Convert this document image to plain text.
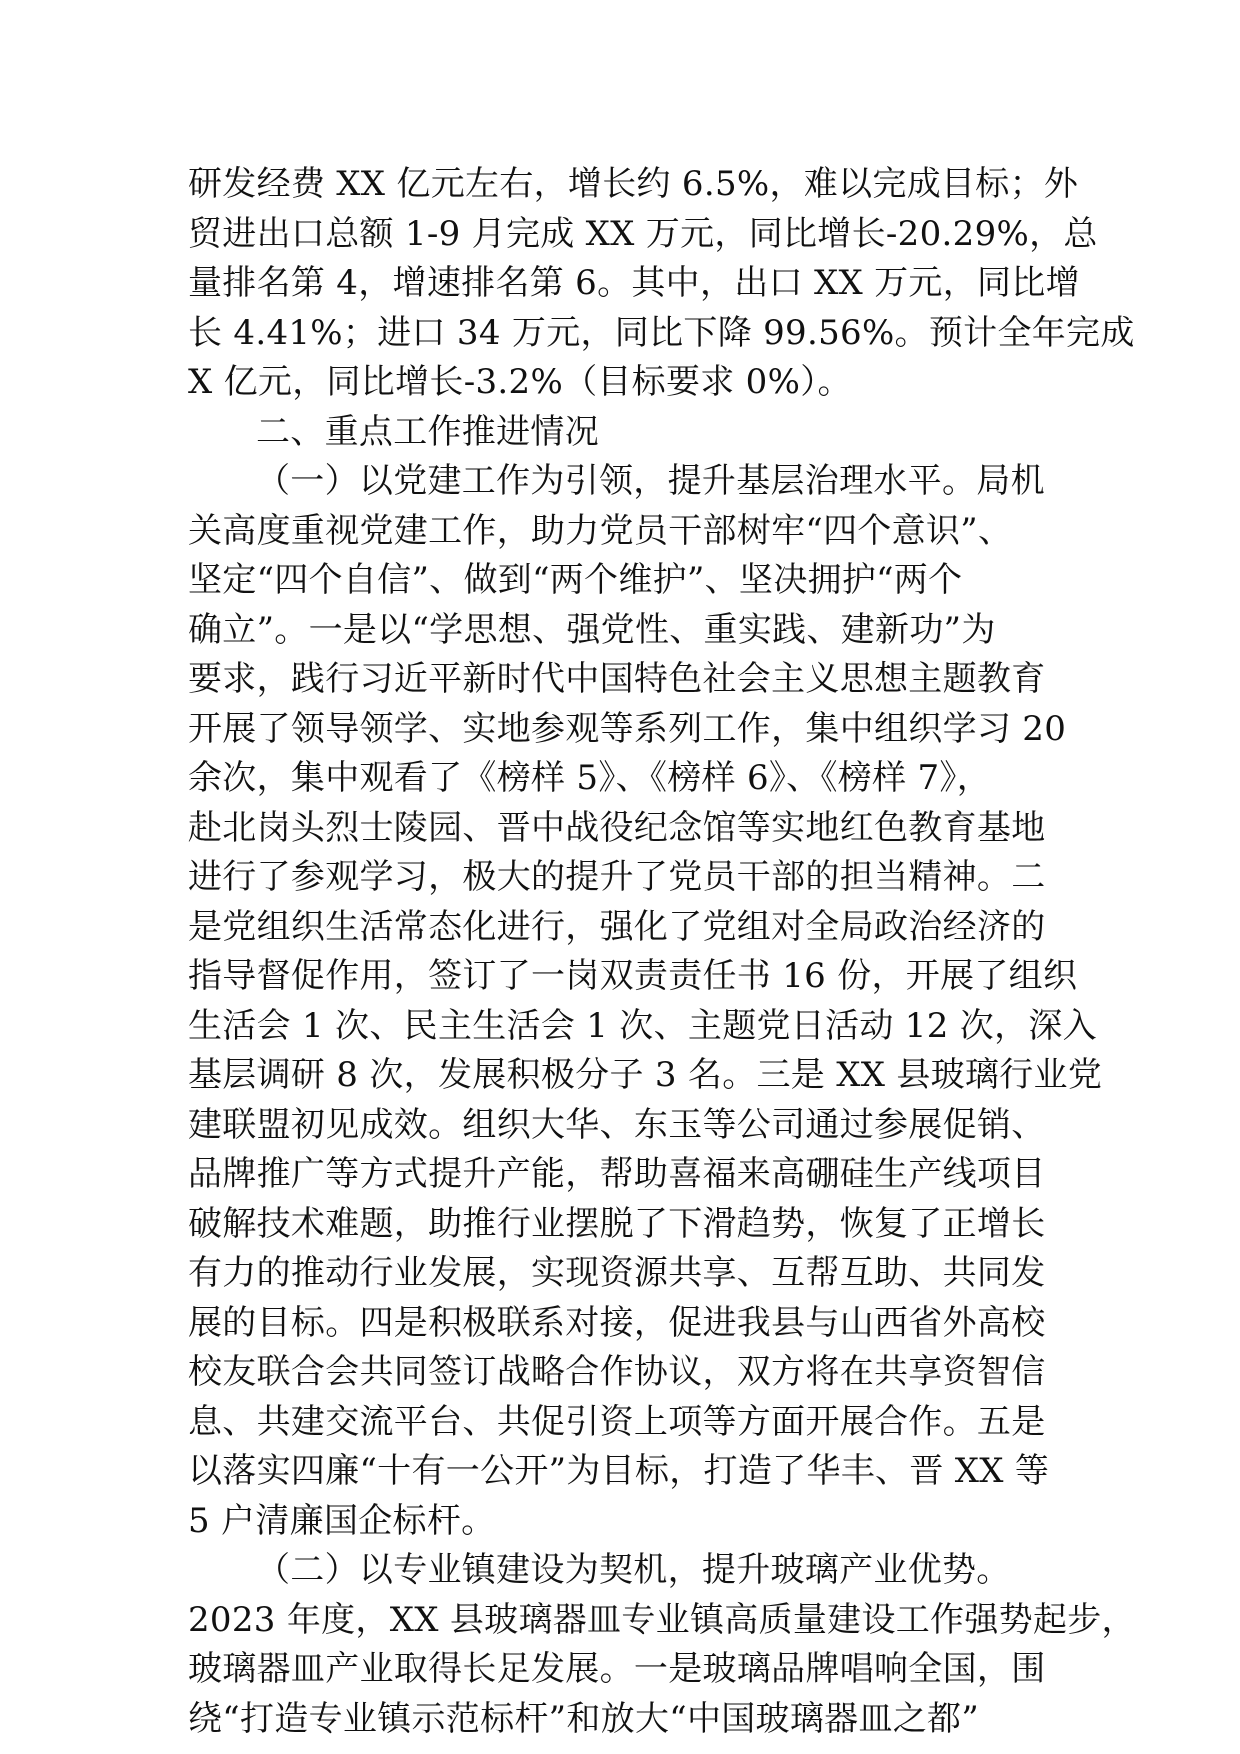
研发经费 XX 亿元左右，增长约 6.5%，难以完成目标；外
贸进出口总额 1-9 月完成 XX 万元，同比增长-20.29%，总
量排名第 4，增速排名第 6。其中，出口 XX 万元，同比增
长 4.41%；进口 34 万元，同比下降 99.56%。预计全年完成
X 亿元，同比增长-3.2%（目标要求 0%）。

二、重点工作推进情况

（一）以党建工作为引领，提升基层治理水平。局机
关高度重视党建工作，助力党员干部树牢“四个意识”、
坚定“四个自信”、做到“两个维护”、坚决拥护“两个
确立”。一是以“学思想、强党性、重实践、建新功”为
要求，践行习近平新时代中国特色社会主义思想主题教育
开展了领导领学、实地参观等系列工作，集中组织学习 20
余次，集中观看了《榜样 5》、《榜样 6》、《榜样 7》，
赴北岗头烈士陵园、晋中战役纪念馆等实地红色教育基地
进行了参观学习，极大的提升了党员干部的担当精神。二
是党组织生活常态化进行，强化了党组对全局政治经济的
指导督促作用，签订了一岗双责责任书 16 份，开展了组织
生活会 1 次、民主生活会 1 次、主题党日活动 12 次，深入
基层调研 8 次，发展积极分子 3 名。三是 XX 县玻璃行业党
建联盟初见成效。组织大华、东玉等公司通过参展促销、
品牌推广等方式提升产能，帮助喜福来高硼硅生产线项目
破解技术难题，助推行业摆脱了下滑趋势，恢复了正增长
有力的推动行业发展，实现资源共享、互帮互助、共同发
展的目标。四是积极联系对接，促进我县与山西省外高校
校友联合会共同签订战略合作协议，双方将在共享资智信
息、共建交流平台、共促引资上项等方面开展合作。五是
以落实四廉“十有一公开”为目标，打造了华丰、晋 XX 等
5 户清廉国企标杆。

（二）以专业镇建设为契机，提升玻璃产业优势。
2023 年度，XX 县玻璃器皿专业镇高质量建设工作强势起步，
玻璃器皿产业取得长足发展。一是玻璃品牌唱响全国，围
绕“打造专业镇示范标杆”和放大“中国玻璃器皿之都”
